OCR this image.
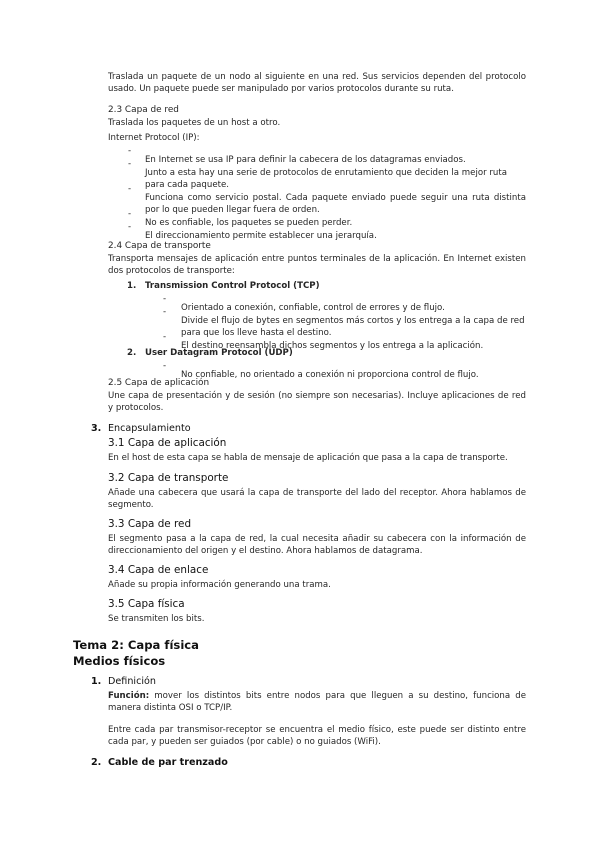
Traslada un paquete de un nodo al siguiente en una red. Sus servicios dependen del protocolo usado. Un paquete puede ser manipulado por varios protocolos durante su ruta.

2.3 Capa de red

Traslada los paquetes de un host a otro.

Internet Protocol (IP):

-

En Internet se usa IP para definir la cabecera de los datagramas enviados.

-

Junto a esta hay una serie de protocolos de enrutamiento que deciden la mejor ruta para cada paquete.

-

Funciona como servicio postal. Cada paquete enviado puede seguir una ruta distinta por lo que pueden llegar fuera de orden.

-

No es confiable, los paquetes se pueden perder.

-

El direccionamiento permite establecer una jerarquía.

2.4 Capa de transporte

Transporta mensajes de aplicación entre puntos terminales de la aplicación. En Internet existen dos protocolos de transporte:

1. Transmission Control Protocol (TCP)

-

Orientado a conexión, confiable, control de errores y de flujo.

-

Divide el flujo de bytes en segmentos más cortos y los entrega a la capa de red para que los lleve hasta el destino.

-

El destino reensambla dichos segmentos y los entrega a la aplicación.

2. User Datagram Protocol (UDP)

-

No confiable, no orientado a conexión ni proporciona control de flujo.

2.5 Capa de aplicación

Une capa de presentación y de sesión (no siempre son necesarias). Incluye aplicaciones de red y protocolos.

3. Encapsulamiento

3.1 Capa de aplicación

En el host de esta capa se habla de mensaje de aplicación que pasa a la capa de transporte.

3.2 Capa de transporte

Añade una cabecera que usará la capa de transporte del lado del receptor. Ahora hablamos de segmento.

3.3 Capa de red

El segmento pasa a la capa de red, la cual necesita añadir su cabecera con la información de direccionamiento del origen y el destino. Ahora hablamos de datagrama.

3.4 Capa de enlace

Añade su propia información generando una trama.

3.5 Capa física

Se transmiten los bits.

Tema 2: Capa física

Medios físicos

1. Definición

Función: mover los distintos bits entre nodos para que lleguen a su destino, funciona de manera distinta OSI o TCP/IP.

Entre cada par transmisor-receptor se encuentra el medio físico, este puede ser distinto entre cada par, y pueden ser guiados (por cable) o no guiados (WiFi).

2. Cable de par trenzado
